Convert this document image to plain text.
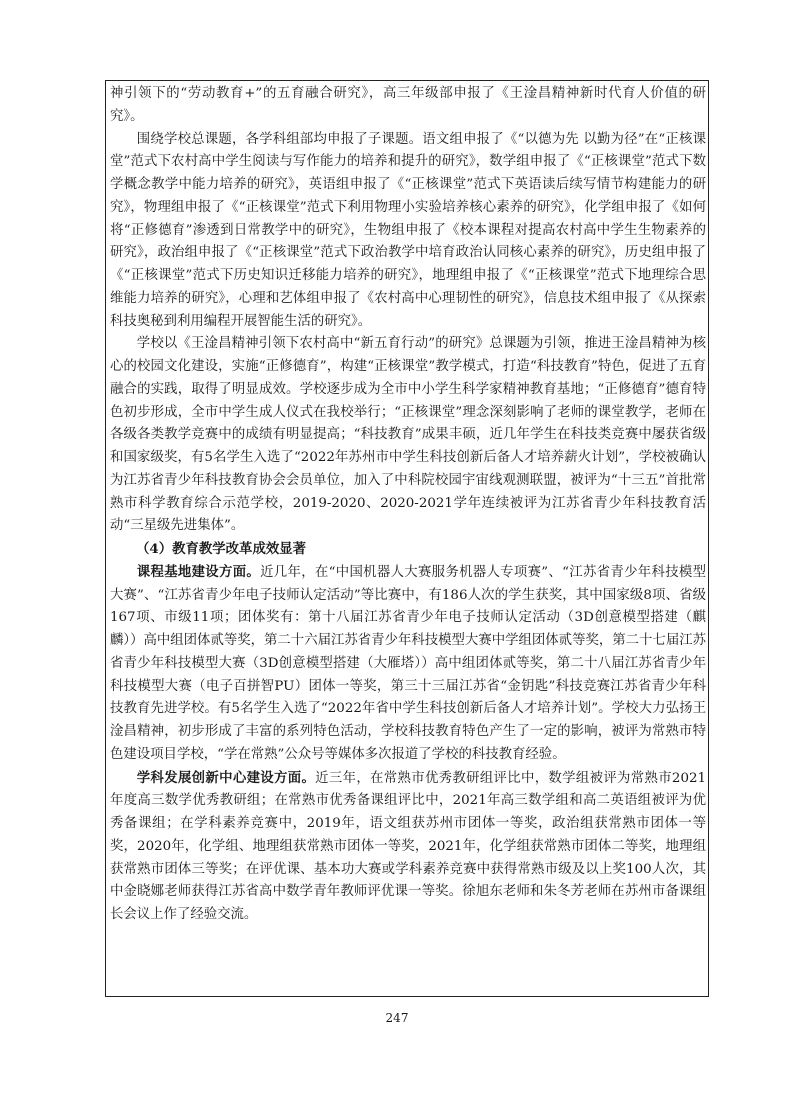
神引领下的“劳动教育+”的五育融合研究》，高三年级部申报了《王淦昌精神新时代育人价值的研究》。

围绕学校总课题，各学科组部均申报了子课题。语文组申报了《“以德为先 以勤为径”在“正核课堂”范式下农村高中学生阅读与写作能力的培养和提升的研究》，数学组申报了《“正核课堂”范式下数学概念教学中能力培养的研究》，英语组申报了《“正核课堂”范式下英语读后续写情节构建能力的研究》，物理组申报了《“正核课堂”范式下利用物理小实验培养核心素养的研究》，化学组申报了《如何将“正修德育”渗透到日常教学中的研究》，生物组申报了《校本课程对提高农村高中学生生物素养的研究》，政治组申报了《“正核课堂”范式下政治教学中培育政治认同核心素养的研究》，历史组申报了《“正核课堂”范式下历史知识迁移能力培养的研究》，地理组申报了《“正核课堂”范式下地理综合思维能力培养的研究》，心理和艺体组申报了《农村高中心理韧性的研究》，信息技术组申报了《从探索科技奥秘到利用编程开展智能生活的研究》。

学校以《王淦昌精神引领下农村高中“新五育行动”的研究》总课题为引领，推进王淦昌精神为核心的校园文化建设，实施“正修德育”，构建“正核课堂”教学模式，打造“科技教育”特色，促进了五育融合的实践，取得了明显成效。学校逐步成为全市中小学生科学家精神教育基地；“正修德育”德育特色初步形成，全市中学生成人仪式在我校举行；“正核课堂”理念深刻影响了老师的课堂教学，老师在各级各类教学竞赛中的成绩有明显提高；“科技教育”成果丰硕，近几年学生在科技类竞赛中屡获省级和国家级奖，有5名学生入选了“2022年苏州市中学生科技创新后备人才培养薪火计划”，学校被确认为江苏省青少年科技教育协会会员单位，加入了中科院校园宇宙线观测联盟，被评为“十三五”首批常熟市科学教育综合示范学校，2019-2020、2020-2021学年连续被评为江苏省青少年科技教育活动“三星级先进集体”。

（4）教育教学改革成效显著

课程基地建设方面。近几年，在“中国机器人大赛服务机器人专项赛”、“江苏省青少年科技模型大赛”、“江苏省青少年电子技师认定活动”等比赛中，有186人次的学生获奖，其中国家级8项、省级167项、市级11项；团体奖有：第十八届江苏省青少年电子技师认定活动（3D创意模型搭建（麒麟））高中组团体贰等奖，第二十六届江苏省青少年科技模型大赛中学组团体贰等奖，第二十七届江苏省青少年科技模型大赛（3D创意模型搭建（大雁塔））高中组团体贰等奖，第二十八届江苏省青少年科技模型大赛（电子百拼智PU）团体一等奖，第三十三届江苏省“金钥匙”科技竞赛江苏省青少年科技教育先进学校。有5名学生入选了“2022年省中学生科技创新后备人才培养计划”。学校大力弘扬王淦昌精神，初步形成了丰富的系列特色活动，学校科技教育特色产生了一定的影响，被评为常熟市特色建设项目学校，“学在常熟”公众号等媒体多次报道了学校的科技教育经验。

学科发展创新中心建设方面。近三年，在常熟市优秀教研组评比中，数学组被评为常熟市2021年度高三数学优秀教研组；在常熟市优秀备课组评比中，2021年高三数学组和高二英语组被评为优秀备课组；在学科素养竞赛中，2019年，语文组获苏州市团体一等奖，政治组获常熟市团体一等奖，2020年，化学组、地理组获常熟市团体一等奖，2021年，化学组获常熟市团体二等奖，地理组获常熟市团体三等奖；在评优课、基本功大赛或学科素养竞赛中获得常熟市级及以上奖100人次，其中金晓娜老师获得江苏省高中数学青年教师评优课一等奖。徐旭东老师和朱冬芳老师在苏州市备课组长会议上作了经验交流。

247
